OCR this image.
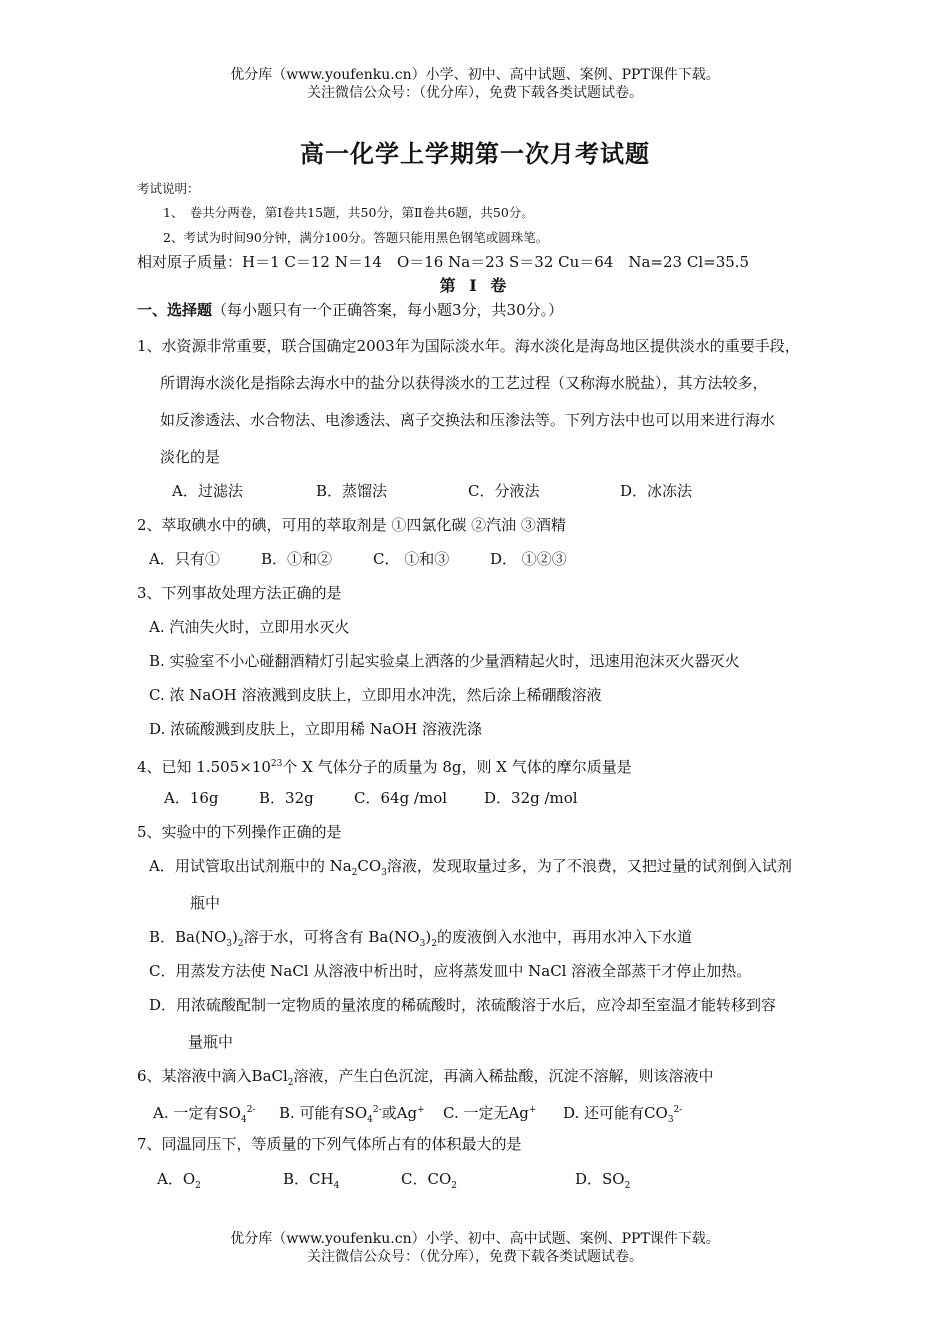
优分库（www.youfenku.cn）小学、初中、高中试题、案例、PPT课件下载。
关注微信公众号：（优分库），免费下载各类试题试卷。
高一化学上学期第一次月考试题
考试说明：
1、　卷共分两卷，第Ⅰ卷共15题，共50分，第Ⅱ卷共6题，共50分。
2、考试为时间90分钟，满分100分。答题只能用黑色钢笔或圆珠笔。
相对原子质量：H＝1 C＝12 N＝14　O＝16 Na＝23 S＝32 Cu＝64　Na=23 Cl=35.5
第 Ⅰ 卷
一、选择题（每小题只有一个正确答案，每小题3分，共30分。）
1、水资源非常重要，联合国确定2003年为国际淡水年。海水淡化是海岛地区提供淡水的重要手段，
所谓海水淡化是指除去海水中的盐分以获得淡水的工艺过程（又称海水脱盐），其方法较多，
如反渗透法、水合物法、电渗透法、离子交换法和压渗法等。下列方法中也可以用来进行海水
淡化的是
A．过滤法	B．蒸馏法	C．分液法	D．冰冻法
2、萃取碘水中的碘，可用的萃取剂是 ①四氯化碳 ②汽油 ③酒精
A．只有①	B．①和②	C． ①和③	D． ①②③
3、下列事故处理方法正确的是
A. 汽油失火时，立即用水灭火
B. 实验室不小心碰翻酒精灯引起实验桌上洒落的少量酒精起火时，迅速用泡沫灭火器灭火
C. 浓 NaOH 溶液溅到皮肤上，立即用水冲洗，然后涂上稀硼酸溶液
D. 浓硫酸溅到皮肤上，立即用稀 NaOH 溶液洗涤
4、已知 $1.505\times 10^{23}$个 X 气体分子的质量为 8g，则 X 气体的摩尔质量是
A．16g	B．32g	C．64g /mol D．32g /mol
5、实验中的下列操作正确的是
A．用试管取出试剂瓶中的 $Na_2CO_3$溶液，发现取量过多，为了不浪费，又把过量的试剂倒入试剂
瓶中
B．$Ba(NO_3)_2$溶于水，可将含有 $Ba(NO_3)_2$的废液倒入水池中，再用水冲入下水道
C．用蒸发方法使 NaCl 从溶液中析出时，应将蒸发皿中 NaCl 溶液全部蒸干才停止加热。
D．用浓硫酸配制一定物质的量浓度的稀硫酸时，浓硫酸溶于水后，应冷却至室温才能转移到容
量瓶中
6、某溶液中滴入BaCl$_2$溶液，产生白色沉淀，再滴入稀盐酸，沉淀不溶解，则该溶液中
A. 一定有$SO_4^{2-}$ B. 可能有$SO_4^{2-}$或Ag+ C. 一定无Ag+ D. 还可能有$CO_3^{2-}$
7、同温同压下，等质量的下列气体所占有的体积最大的是
A．$O_2$	B．$CH_4$	C．$CO_2$	D．$SO_2$
优分库（www.youfenku.cn）小学、初中、高中试题、案例、PPT课件下载。
关注微信公众号：（优分库），免费下载各类试题试卷。
